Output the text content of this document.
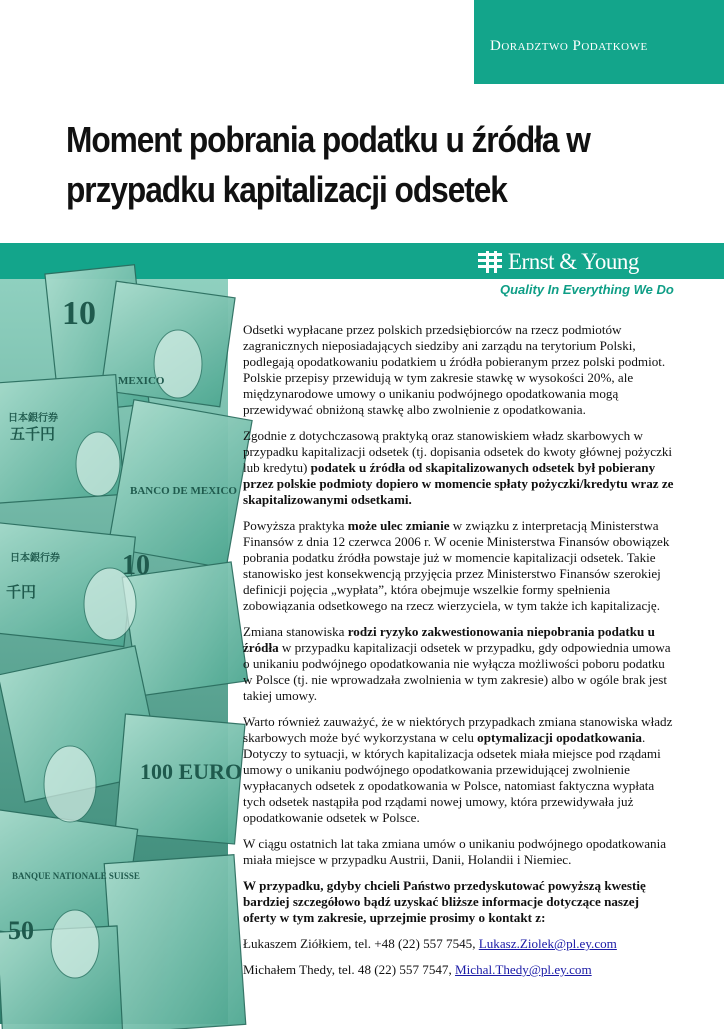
Doradztwo Podatkowe
Moment pobrania podatku u źródła w
przypadku kapitalizacji odsetek
Ernst & Young
Quality In Everything We Do
10
MEXICO
五千円
日本銀行券
BANCO DE MEXICO
日本銀行券
千円
10
100 EURO
BANQUE NATIONALE SUISSE
50

Odsetki wypłacane przez polskich przedsiębiorców na rzecz podmiotów zagranicznych nieposiadających siedziby ani zarządu na terytorium Polski, podlegają opodatkowaniu podatkiem u źródła pobieranym przez polski podmiot. Polskie przepisy przewidują w tym zakresie stawkę w wysokości 20%, ale międzynarodowe umowy o unikaniu podwójnego opodatkowania mogą przewidywać obniżoną stawkę albo zwolnienie z opodatkowania.

Zgodnie z dotychczasową praktyką oraz stanowiskiem władz skarbowych w przypadku kapitalizacji odsetek (tj. dopisania odsetek do kwoty głównej pożyczki lub kredytu) podatek u źródła od skapitalizowanych odsetek był pobierany przez polskie podmioty dopiero w momencie spłaty pożyczki/kredytu wraz ze skapitalizowanymi odsetkami.

Powyższa praktyka może ulec zmianie w związku z interpretacją Ministerstwa Finansów z dnia 12 czerwca 2006 r. W ocenie Ministerstwa Finansów obowiązek pobrania podatku źródła powstaje już w momencie kapitalizacji odsetek. Takie stanowisko jest konsekwencją przyjęcia przez Ministerstwo Finansów szerokiej definicji pojęcia „wypłata”, która obejmuje wszelkie formy spełnienia zobowiązania odsetkowego na rzecz wierzyciela, w tym także ich kapitalizację.

Zmiana stanowiska rodzi ryzyko zakwestionowania niepobrania podatku u źródła w przypadku kapitalizacji odsetek w przypadku, gdy odpowiednia umowa o unikaniu podwójnego opodatkowania nie wyłącza możliwości poboru podatku w Polsce (tj. nie wprowadzała zwolnienia w tym zakresie) albo w ogóle brak jest takiej umowy.

Warto również zauważyć, że w niektórych przypadkach zmiana stanowiska władz skarbowych może być wykorzystana w celu optymalizacji opodatkowania. Dotyczy to sytuacji, w których kapitalizacja odsetek miała miejsce pod rządami umowy o unikaniu podwójnego opodatkowania przewidującej zwolnienie wypłacanych odsetek z opodatkowania w Polsce, natomiast faktyczna wypłata tych odsetek nastąpiła pod rządami nowej umowy, która przewidywała już opodatkowanie odsetek w Polsce.

W ciągu ostatnich lat taka zmiana umów o unikaniu podwójnego opodatkowania miała miejsce w przypadku Austrii, Danii, Holandii i Niemiec.

W przypadku, gdyby chcieli Państwo przedyskutować powyższą kwestię bardziej szczegółowo bądź uzyskać bliższe informacje dotyczące naszej oferty w tym zakresie, uprzejmie prosimy o kontakt z:

Łukaszem Ziółkiem, tel. +48 (22) 557 7545, Lukasz.Ziolek@pl.ey.com

Michałem Thedy, tel. 48 (22) 557 7547, Michal.Thedy@pl.ey.com
